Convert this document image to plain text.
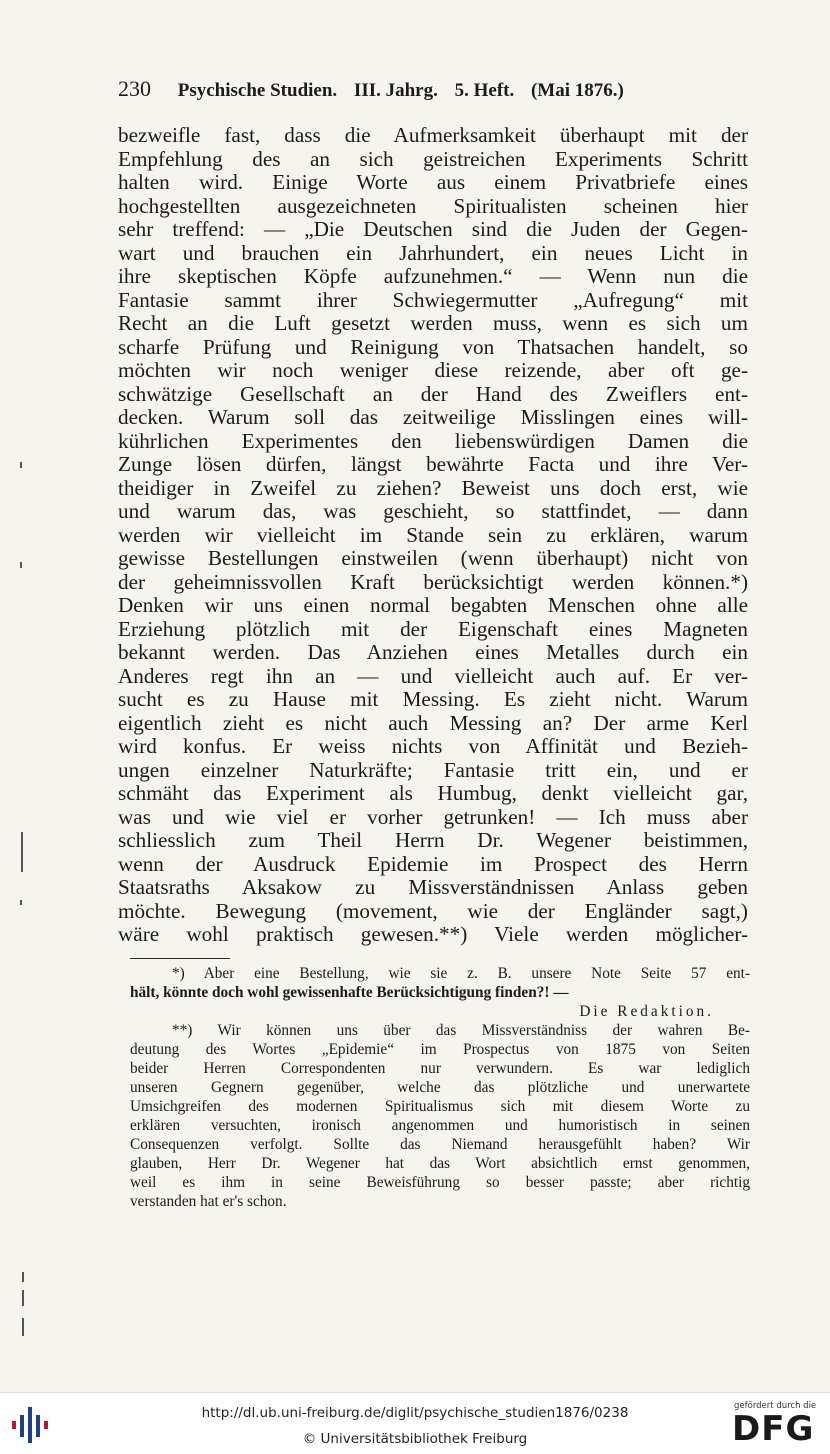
230 Psychische Studien. III. Jahrg. 5. Heft. (Mai 1876.)
bezweifle fast, dass die Aufmerksamkeit überhaupt mit der
Empfehlung des an sich geistreichen Experiments Schritt
halten wird. Einige Worte aus einem Privatbriefe eines
hochgestellten ausgezeichneten Spiritualisten scheinen hier
sehr treffend: — „Die Deutschen sind die Juden der Gegen-
wart und brauchen ein Jahrhundert, ein neues Licht in
ihre skeptischen Köpfe aufzunehmen.“ — Wenn nun die
Fantasie sammt ihrer Schwiegermutter „Aufregung“ mit
Recht an die Luft gesetzt werden muss, wenn es sich um
scharfe Prüfung und Reinigung von Thatsachen handelt, so
möchten wir noch weniger diese reizende, aber oft ge-
schwätzige Gesellschaft an der Hand des Zweiflers ent-
decken. Warum soll das zeitweilige Misslingen eines will-
kührlichen Experimentes den liebenswürdigen Damen die
Zunge lösen dürfen, längst bewährte Facta und ihre Ver-
theidiger in Zweifel zu ziehen? Beweist uns doch erst, wie
und warum das, was geschieht, so stattfindet, — dann
werden wir vielleicht im Stande sein zu erklären, warum
gewisse Bestellungen einstweilen (wenn überhaupt) nicht von
der geheimnissvollen Kraft berücksichtigt werden können.*)
Denken wir uns einen normal begabten Menschen ohne alle
Erziehung plötzlich mit der Eigenschaft eines Magneten
bekannt werden. Das Anziehen eines Metalles durch ein
Anderes regt ihn an — und vielleicht auch auf. Er ver-
sucht es zu Hause mit Messing. Es zieht nicht. Warum
eigentlich zieht es nicht auch Messing an? Der arme Kerl
wird konfus. Er weiss nichts von Affinität und Bezieh-
ungen einzelner Naturkräfte; Fantasie tritt ein, und er
schmäht das Experiment als Humbug, denkt vielleicht gar,
was und wie viel er vorher getrunken! — Ich muss aber
schliesslich zum Theil Herrn Dr. Wegener beistimmen,
wenn der Ausdruck Epidemie im Prospect des Herrn
Staatsraths Aksakow zu Missverständnissen Anlass geben
möchte. Bewegung (movement, wie der Engländer sagt,)
wäre wohl praktisch gewesen.**) Viele werden möglicher-
*) Aber eine Bestellung, wie sie z. B. unsere Note Seite 57 ent-
hält, könnte doch wohl gewissenhafte Berücksichtigung finden?! —
Die Redaktion.
**) Wir können uns über das Missverständniss der wahren Be-
deutung des Wortes „Epidemie“ im Prospectus von 1875 von Seiten
beider Herren Correspondenten nur verwundern. Es war lediglich
unseren Gegnern gegenüber, welche das plötzliche und unerwartete
Umsichgreifen des modernen Spiritualismus sich mit diesem Worte zu
erklären versuchten, ironisch angenommen und humoristisch in seinen
Consequenzen verfolgt. Sollte das Niemand herausgefühlt haben? Wir
glauben, Herr Dr. Wegener hat das Wort absichtlich ernst genommen,
weil es ihm in seine Beweisführung so besser passte; aber richtig
verstanden hat er's schon.
http://dl.ub.uni-freiburg.de/diglit/psychische_studien1876/0238
© Universitätsbibliothek Freiburg
gefördert durch die
DFG
